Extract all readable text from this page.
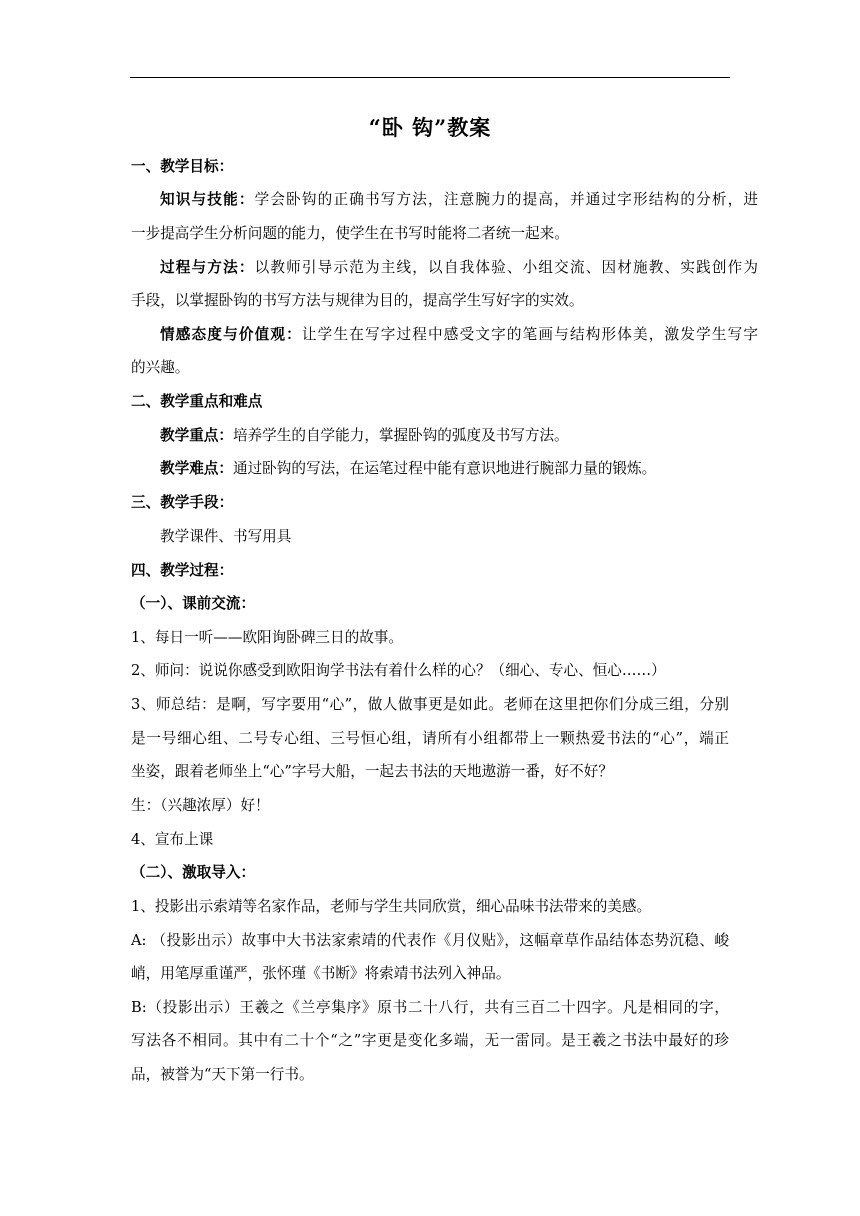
“卧 钩”教案
一、教学目标：
知识与技能：学会卧钩的正确书写方法，注意腕力的提高，并通过字形结构的分析，进
一步提高学生分析问题的能力，使学生在书写时能将二者统一起来。
过程与方法：以教师引导示范为主线，以自我体验、小组交流、因材施教、实践创作为
手段，以掌握卧钩的书写方法与规律为目的，提高学生写好字的实效。
情感态度与价值观：让学生在写字过程中感受文字的笔画与结构形体美，激发学生写字
的兴趣。
二、教学重点和难点
教学重点：培养学生的自学能力，掌握卧钩的弧度及书写方法。
教学难点：通过卧钩的写法，在运笔过程中能有意识地进行腕部力量的锻炼。
三、教学手段：
教学课件、书写用具
四、教学过程：
（一）、课前交流：
1、每日一听——欧阳询卧碑三日的故事。
2、师问：说说你感受到欧阳询学书法有着什么样的心？（细心、专心、恒心……）
3、师总结：是啊，写字要用“心”，做人做事更是如此。老师在这里把你们分成三组，分别
是一号细心组、二号专心组、三号恒心组，请所有小组都带上一颗热爱书法的“心”，端正
坐姿，跟着老师坐上“心”字号大船，一起去书法的天地遨游一番，好不好？
生：（兴趣浓厚）好！
4、宣布上课
（二）、激取导入：
1、投影出示索靖等名家作品，老师与学生共同欣赏，细心品味书法带来的美感。
A: （投影出示）故事中大书法家索靖的代表作《月仪贴》，这幅章草作品结体态势沉稳、峻
峭，用笔厚重谨严，张怀瑾《书断》将索靖书法列入神品。
B:（投影出示）王羲之《兰亭集序》原书二十八行，共有三百二十四字。凡是相同的字，
写法各不相同。其中有二十个“之”字更是变化多端，无一雷同。是王羲之书法中最好的珍
品，被誉为“天下第一行书。
